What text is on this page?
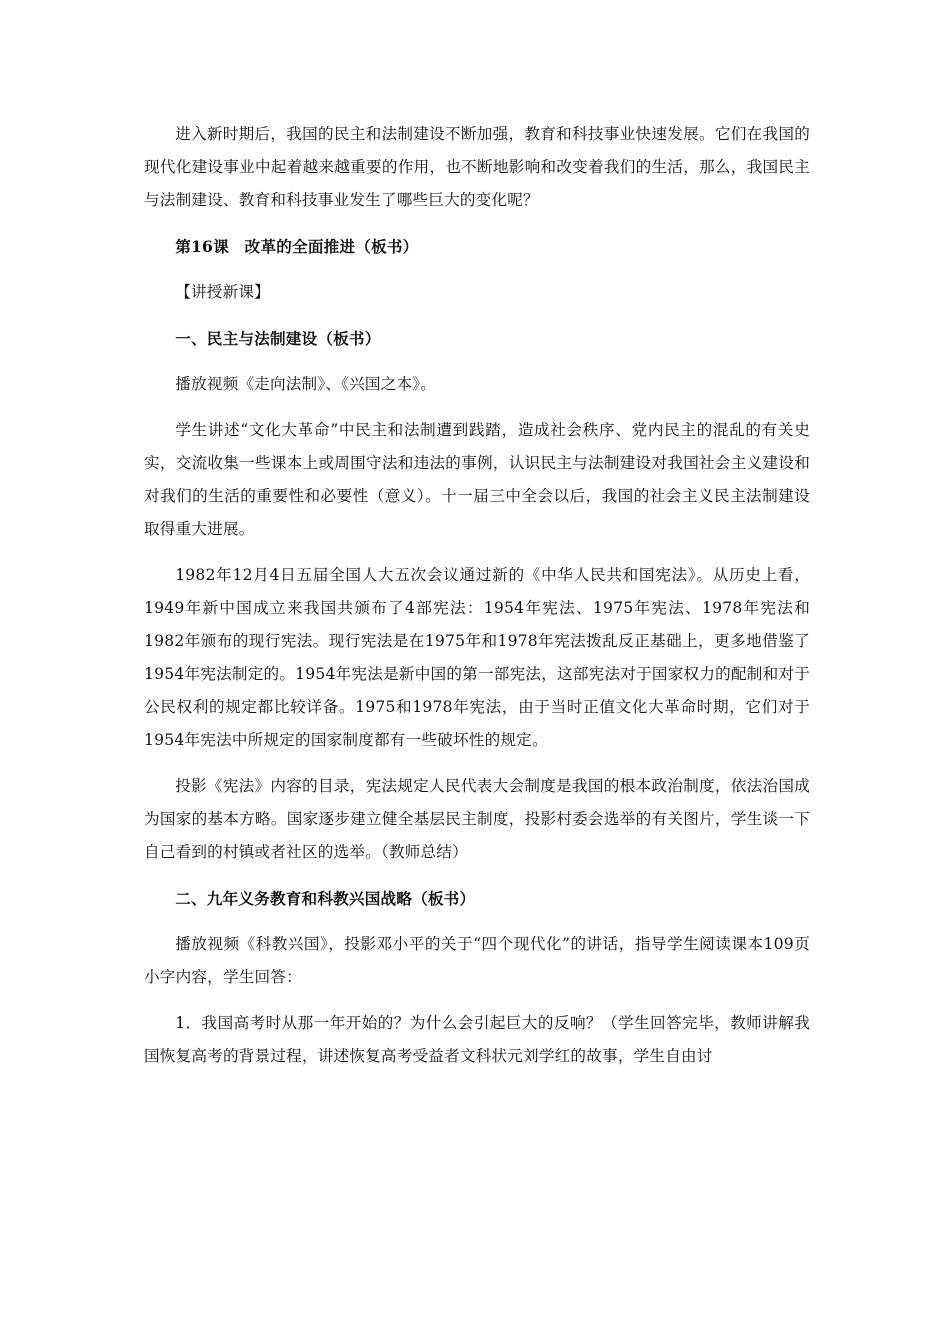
进入新时期后，我国的民主和法制建设不断加强，教育和科技事业快速发展。它们在我国的现代化建设事业中起着越来越重要的作用，也不断地影响和改变着我们的生活，那么，我国民主与法制建设、教育和科技事业发生了哪些巨大的变化呢？

第16课　改革的全面推进（板书）

【讲授新课】

一、民主与法制建设（板书）

播放视频《走向法制》、《兴国之本》。

学生讲述“文化大革命”中民主和法制遭到践踏，造成社会秩序、党内民主的混乱的有关史实，交流收集一些课本上或周围守法和违法的事例，认识民主与法制建设对我国社会主义建设和对我们的生活的重要性和必要性（意义）。十一届三中全会以后，我国的社会主义民主法制建设取得重大进展。

1982年12月4日五届全国人大五次会议通过新的《中华人民共和国宪法》。从历史上看，1949年新中国成立来我国共颁布了4部宪法：1954年宪法、1975年宪法、1978年宪法和1982年颁布的现行宪法。现行宪法是在1975年和1978年宪法拨乱反正基础上，更多地借鉴了1954年宪法制定的。1954年宪法是新中国的第一部宪法，这部宪法对于国家权力的配制和对于公民权利的规定都比较详备。1975和1978年宪法，由于当时正值文化大革命时期，它们对于1954年宪法中所规定的国家制度都有一些破坏性的规定。

投影《宪法》内容的目录，宪法规定人民代表大会制度是我国的根本政治制度，依法治国成为国家的基本方略。国家逐步建立健全基层民主制度，投影村委会选举的有关图片，学生谈一下自己看到的村镇或者社区的选举。（教师总结）

二、九年义务教育和科教兴国战略（板书）

播放视频《科教兴国》，投影邓小平的关于“四个现代化”的讲话，指导学生阅读课本109页小字内容，学生回答：

1．我国高考时从那一年开始的？为什么会引起巨大的反响？（学生回答完毕，教师讲解我国恢复高考的背景过程，讲述恢复高考受益者文科状元刘学红的故事，学生自由讨
